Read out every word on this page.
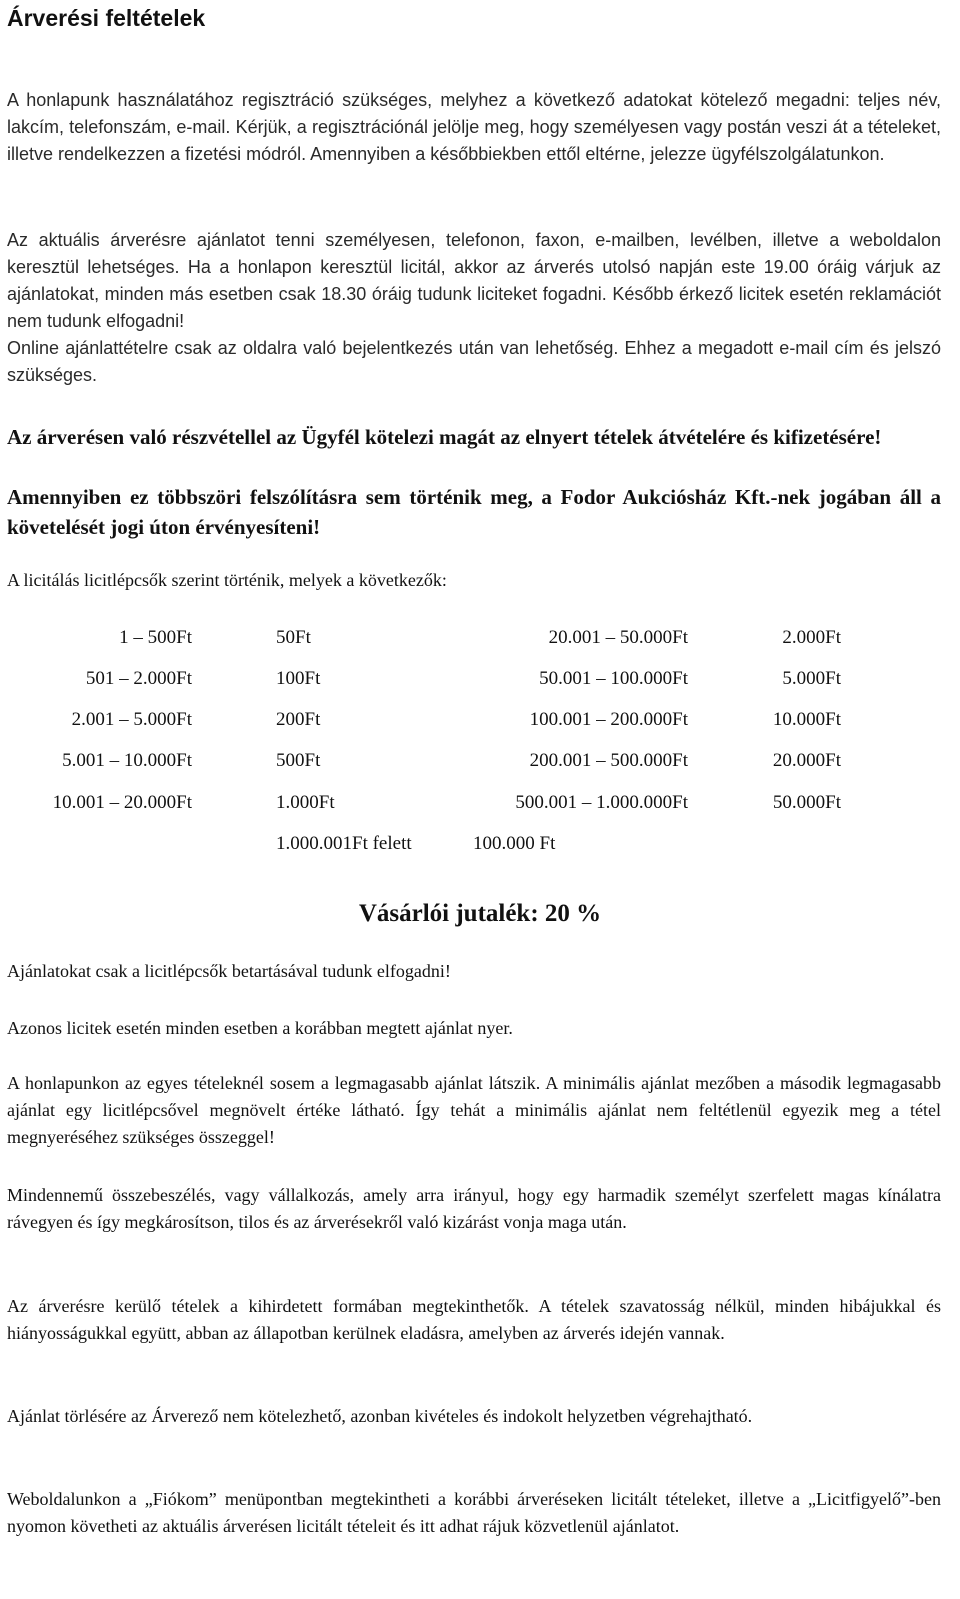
Árverési feltételek

A honlapunk használatához regisztráció szükséges, melyhez a következő adatokat kötelező megadni: teljes név, lakcím, telefonszám, e-mail. Kérjük, a regisztrációnál jelölje meg, hogy személyesen vagy postán veszi át a tételeket, illetve rendelkezzen a fizetési módról. Amennyiben a későbbiekben ettől eltérne, jelezze ügyfélszolgálatunkon.

Az aktuális árverésre ajánlatot tenni személyesen, telefonon, faxon, e-mailben, levélben, illetve a weboldalon keresztül lehetséges. Ha a honlapon keresztül licitál, akkor az árverés utolsó napján este 19.00 óráig várjuk az ajánlatokat, minden más esetben csak 18.30 óráig tudunk liciteket fogadni. Később érkező licitek esetén reklamációt nem tudunk elfogadni!

Online ajánlattételre csak az oldalra való bejelentkezés után van lehetőség. Ehhez a megadott e-mail cím és jelszó szükséges.

Az árverésen való részvétellel az Ügyfél kötelezi magát az elnyert tételek átvételére és kifizetésére!

Amennyiben ez többszöri felszólításra sem történik meg, a Fodor Aukciósház Kft.-nek jogában áll a követelését jogi úton érvényesíteni!

A licitálás licitlépcsők szerint történik, melyek a következők:

1 – 500Ft	50Ft	20.001 – 50.000Ft	2.000Ft
501 – 2.000Ft	100Ft	50.001 – 100.000Ft	5.000Ft
2.001 – 5.000Ft	200Ft	100.001 – 200.000Ft	10.000Ft
5.001 – 10.000Ft	500Ft	200.001 – 500.000Ft	20.000Ft
10.001 – 20.000Ft	1.000Ft	500.001 – 1.000.000Ft	50.000Ft
1.000.001Ft felett	100.000 Ft
Vásárlói jutalék: 20 %

Ajánlatokat csak a licitlépcsők betartásával tudunk elfogadni!

Azonos licitek esetén minden esetben a korábban megtett ajánlat nyer.

A honlapunkon az egyes tételeknél sosem a legmagasabb ajánlat látszik. A minimális ajánlat mezőben a második legmagasabb ajánlat egy licitlépcsővel megnövelt értéke látható. Így tehát a minimális ajánlat nem feltétlenül egyezik meg a tétel megnyeréséhez szükséges összeggel!

Mindennemű összebeszélés, vagy vállalkozás, amely arra irányul, hogy egy harmadik személyt szerfelett magas kínálatra rávegyen és így megkárosítson, tilos és az árverésekről való kizárást vonja maga után.

Az árverésre kerülő tételek a kihirdetett formában megtekinthetők. A tételek szavatosság nélkül, minden hibájukkal és hiányosságukkal együtt, abban az állapotban kerülnek eladásra, amelyben az árverés idején vannak.

Ajánlat törlésére az Árverező nem kötelezhető, azonban kivételes és indokolt helyzetben végrehajtható.

Weboldalunkon a „Fiókom” menüpontban megtekintheti a korábbi árveréseken licitált tételeket, illetve a „Licitfigyelő”-ben nyomon követheti az aktuális árverésen licitált tételeit és itt adhat rájuk közvetlenül ajánlatot.
